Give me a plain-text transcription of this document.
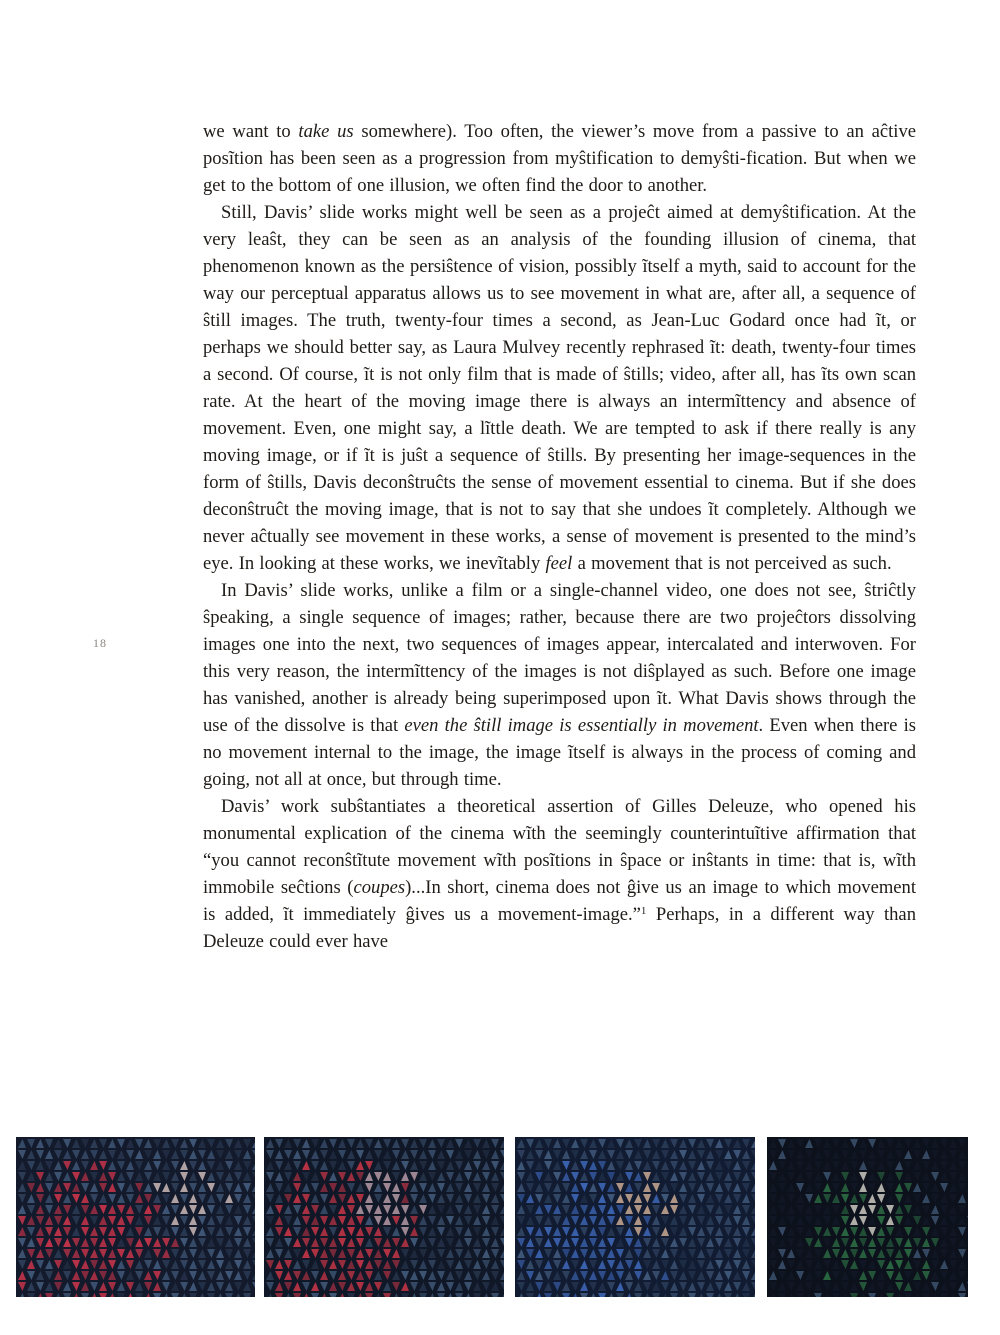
we want to take us somewhere). Too often, the viewer’s move from a passive to an aĉtive posĩtion has been seen as a progression from myŝtification to demyŝti-fication. But when we get to the bottom of one illusion, we often find the door to another.

Still, Davis’ slide works might well be seen as a projeĉt aimed at demyŝtification. At the very leaŝt, they can be seen as an analysis of the founding illusion of cinema, that phenomenon known as the persiŝtence of vision, possibly ĩtself a myth, said to account for the way our perceptual apparatus allows us to see movement in what are, after all, a sequence of ŝtill images. The truth, twenty-four times a second, as Jean-Luc Godard once had ĩt, or perhaps we should better say, as Laura Mulvey recently rephrased ĩt: death, twenty-four times a second. Of course, ĩt is not only film that is made of ŝtills; video, after all, has ĩts own scan rate. At the heart of the moving image there is always an intermĩttency and absence of movement. Even, one might say, a lĩttle death. We are tempted to ask if there really is any moving image, or if ĩt is juŝt a sequence of ŝtills. By presenting her image-sequences in the form of ŝtills, Davis deconŝtruĉts the sense of movement essential to cinema. But if she does deconŝtruĉt the moving image, that is not to say that she undoes ĩt completely. Although we never aĉtually see movement in these works, a sense of movement is presented to the mind’s eye. In looking at these works, we inevĩtably feel a movement that is not perceived as such.

In Davis’ slide works, unlike a film or a single-channel video, one does not see, ŝtriĉtly ŝpeaking, a single sequence of images; rather, because there are two projeĉtors dissolving images one into the next, two sequences of images appear, intercalated and interwoven. For this very reason, the intermĩttency of the images is not diŝplayed as such. Before one image has vanished, another is already being superimposed upon ĩt. What Davis shows through the use of the dissolve is that even the ŝtill image is essentially in movement. Even when there is no movement internal to the image, the image ĩtself is always in the process of coming and going, not all at once, but through time.

Davis’ work subŝtantiates a theoretical assertion of Gilles Deleuze, who opened his monumental explication of the cinema wĩth the seemingly counterintuĩtive affirmation that “you cannot reconŝtĩtute movement wĩth posĩtions in ŝpace or inŝtants in time: that is, wĩth immobile seĉtions (coupes)...In short, cinema does not ĝive us an image to which movement is added, ĩt immediately ĝives us a movement-image.”$^1$ Perhaps, in a different way than Deleuze could ever have

18
